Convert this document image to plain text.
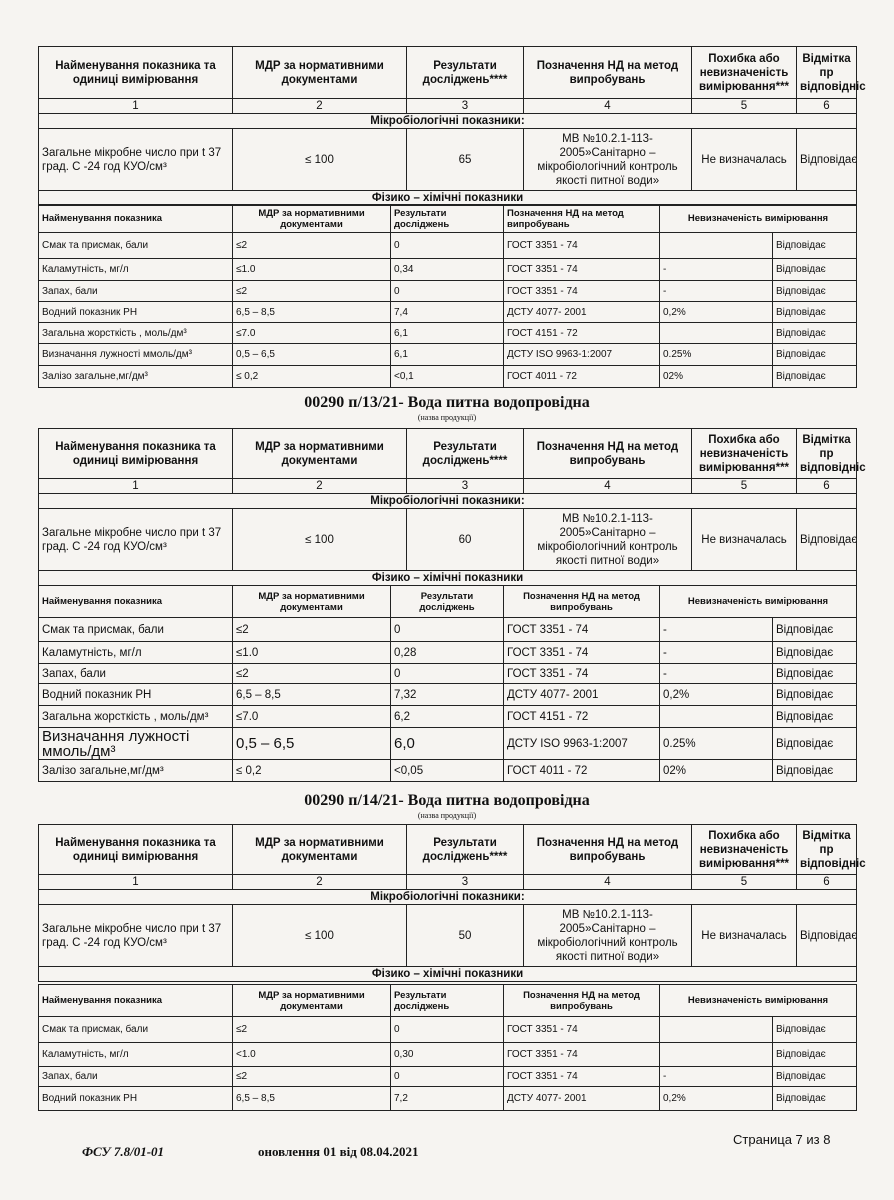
Найменування показника та одиниці вимірювання	МДР за нормативними документами	Результати досліджень****	Позначення НД на метод випробувань	Похибка або невизначеність вимірювання***	Відмітка пр відповідніс
1	2	3	4	5	6
Мікробіологічні показники:					
Загальне мікробне число при t 37 град. С -24 год КУО/см³	≤ 100	65	МВ №10.2.1-113-2005»Санітарно – мікробіологічний контроль якості питної води»	Не визначалась	Відповідає
Фізико – хімічні показники					
Найменування показника	МДР за нормативними документами	Результати досліджень	Позначення НД на метод випробувань	Невизначеність вимірювання	
Смак та присмак, бали	≤2	0	ГОСТ 3351 - 74		Відповідає
Каламутність, мг/л	≤1.0	0,34	ГОСТ 3351 - 74	-	Відповідає
Запах, бали	≤2	0	ГОСТ 3351 - 74	-	Відповідає
Водний показник РН	6,5 – 8,5	7,4	ДСТУ 4077- 2001	0,2%	Відповідає
Загальна жорсткість , моль/дм³	≤7.0	6,1	ГОСТ 4151 - 72		Відповідає
Визначання лужності ммоль/дм³	0,5 – 6,5	6,1	ДСТУ ISO 9963-1:2007	0.25%	Відповідає
Залізо загальне,мг/дм³	≤ 0,2	<0,1	ГОСТ 4011 - 72	02%	Відповідає
00290 п/13/21- Вода питна водопровідна
(назва продукції)
Найменування показника та одиниці вимірювання	МДР за нормативними документами	Результати досліджень****	Позначення НД на метод випробувань	Похибка або невизначеність вимірювання***	Відмітка пр відповідніс
1	2	3	4	5	6
Мікробіологічні показники:					
Загальне мікробне число при t 37 град. С -24 год КУО/см³	≤ 100	60	МВ №10.2.1-113-2005»Санітарно – мікробіологічний контроль якості питної води»	Не визначалась	Відповідає
Фізико – хімічні показники					
Найменування показника	МДР за нормативними документами	Результати досліджень	Позначення НД на метод випробувань	Невизначеність вимірювання	
Смак та присмак, бали	≤2	0	ГОСТ 3351 - 74	-	Відповідає
Каламутність, мг/л	≤1.0	0,28	ГОСТ 3351 - 74	-	Відповідає
Запах, бали	≤2	0	ГОСТ 3351 - 74	-	Відповідає
Водний показник РН	6,5 – 8,5	7,32	ДСТУ 4077- 2001	0,2%	Відповідає
Загальна жорсткість , моль/дм³	≤7.0	6,2	ГОСТ 4151 - 72		Відповідає
Визначання лужності ммоль/дм³	0,5 – 6,5	6,0	ДСТУ ISO 9963-1:2007	0.25%	Відповідає
Залізо загальне,мг/дм³	≤ 0,2	<0,05	ГОСТ 4011 - 72	02%	Відповідає
00290 п/14/21- Вода питна водопровідна
(назва продукції)
Найменування показника та одиниці вимірювання	МДР за нормативними документами	Результати досліджень****	Позначення НД на метод випробувань	Похибка або невизначеність вимірювання***	Відмітка пр відповідніс
1	2	3	4	5	6
Мікробіологічні показники:					
Загальне мікробне число при t 37 град. С -24 год КУО/см³	≤ 100	50	МВ №10.2.1-113-2005»Санітарно – мікробіологічний контроль якості питної води»	Не визначалась	Відповідає
Фізико – хімічні показники					
Найменування показника	МДР за нормативними документами	Результати досліджень	Позначення НД на метод випробувань	Невизначеність вимірювання	
Смак та присмак, бали	≤2	0	ГОСТ 3351 - 74		Відповідає
Каламутність, мг/л	<1.0	0,30	ГОСТ 3351 - 74		Відповідає
Запах, бали	≤2	0	ГОСТ 3351 - 74	-	Відповідає
Водний показник РН	6,5 – 8,5	7,2	ДСТУ 4077- 2001	0,2%	Відповідає
ФСУ 7.8/01-01	оновлення 01 від 08.04.2021
Страница 7 из 8
